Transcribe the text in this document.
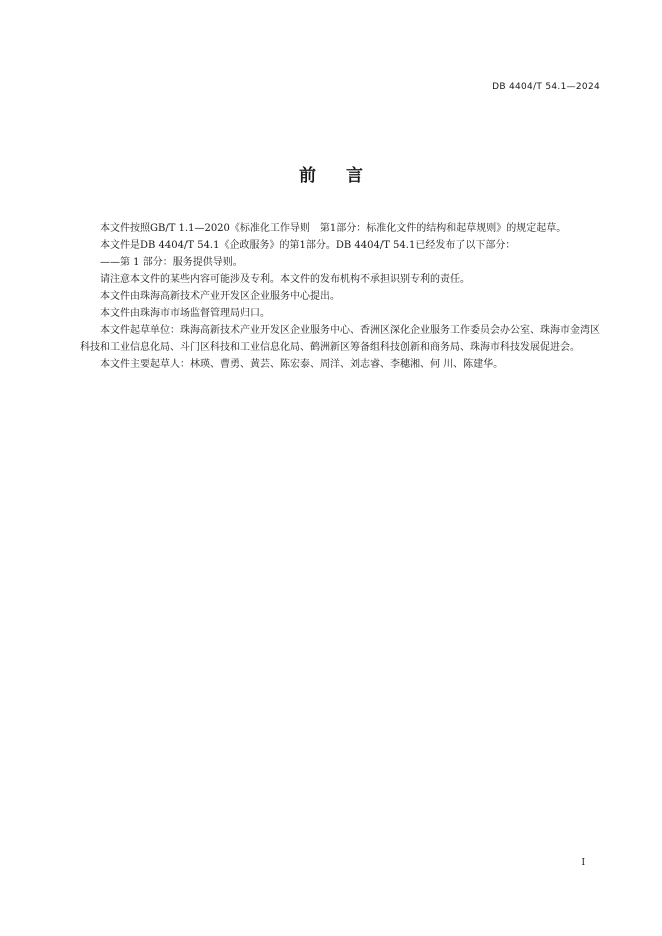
DB 4404/T 54.1—2024
前言

本文件按照GB/T 1.1—2020《标准化工作导则　第1部分：标准化文件的结构和起草规则》的规定起草。

本文件是DB 4404/T 54.1《企政服务》的第1部分。DB 4404/T 54.1已经发布了以下部分：

——第 1 部分：服务提供导则。

请注意本文件的某些内容可能涉及专利。本文件的发布机构不承担识别专利的责任。

本文件由珠海高新技术产业开发区企业服务中心提出。

本文件由珠海市市场监督管理局归口。

本文件起草单位：珠海高新技术产业开发区企业服务中心、香洲区深化企业服务工作委员会办公室、珠海市金湾区科技和工业信息化局、斗门区科技和工业信息化局、鹤洲新区筹备组科技创新和商务局、珠海市科技发展促进会。

本文件主要起草人：林瑛、曹勇、黄芸、陈宏泰、周洋、刘志睿、李穗湘、何 川、陈建华。

I
